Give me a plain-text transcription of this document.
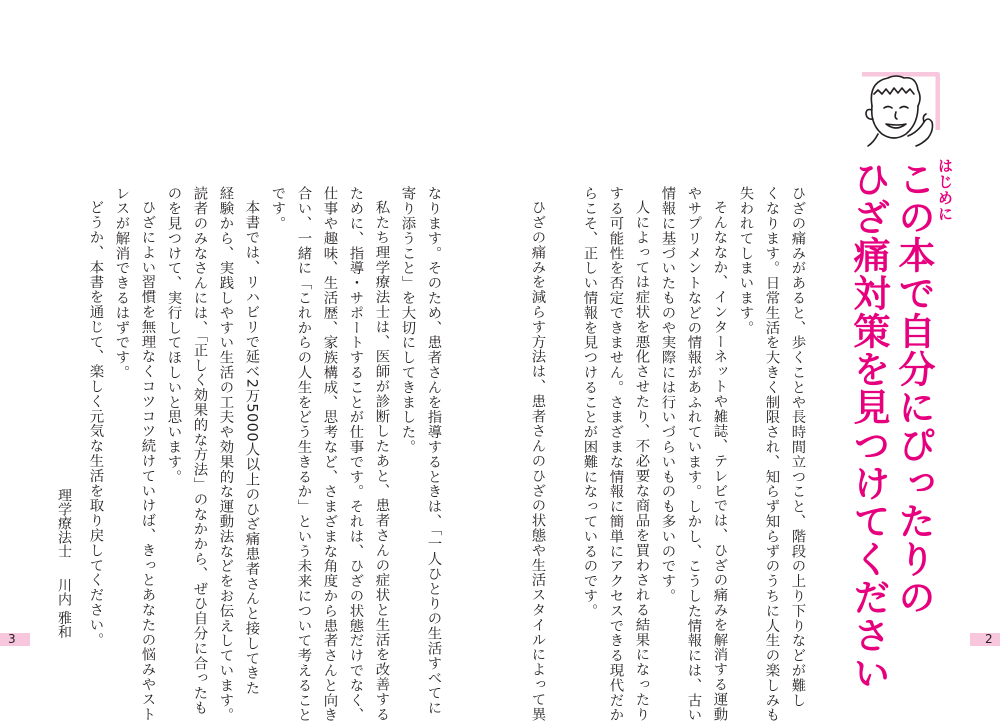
はじめに
この本で自分にぴったりの
ひざ痛対策を見つけてください
ひざの痛みがあると、歩くことや長時間立つこと、階段の上り下りなどが難し
くなります。日常生活を大きく制限され、知らず知らずのうちに人生の楽しみも
失われてしまいます。
そんななか、インターネットや雑誌、テレビでは、ひざの痛みを解消する運動
やサプリメントなどの情報があふれています。しかし、こうした情報には、古い
情報に基づいたものや実際には行いづらいものも多いのです。
人によっては症状を悪化させたり、不必要な商品を買わされる結果になったり
する可能性を否定できません。さまざまな情報に簡単にアクセスできる現代だか
らこそ、正しい情報を見つけることが困難になっているのです。
ひざの痛みを減らす方法は、患者さんのひざの状態や生活スタイルによって異
なります。そのため、患者さんを指導するときは、「一人ひとりの生活すべてに
寄り添うこと」を大切にしてきました。
私たち理学療法士は、医師が診断したあと、患者さんの症状と生活を改善する
ために、指導・サポートすることが仕事です。それは、ひざの状態だけでなく、
仕事や趣味、生活歴、家族構成、思考など、さまざまな角度から患者さんと向き
合い、一緒に「これからの人生をどう生きるか」という未来について考えること
です。
本書では、リハビリで延べ2万5000人以上のひざ痛患者さんと接してきた
経験から、実践しやすい生活の工夫や効果的な運動法などをお伝えしています。
読者のみなさんには、「正しく効果的な方法」のなかから、ぜひ自分に合ったも
のを見つけて、実行してほしいと思います。
ひざによい習慣を無理なくコツコツ続けていけば、きっとあなたの悩みやスト
レスが解消できるはずです。
どうか、本書を通じて、楽しく元気な生活を取り戻してください。
理学療法士
川内 雅和
3	2
